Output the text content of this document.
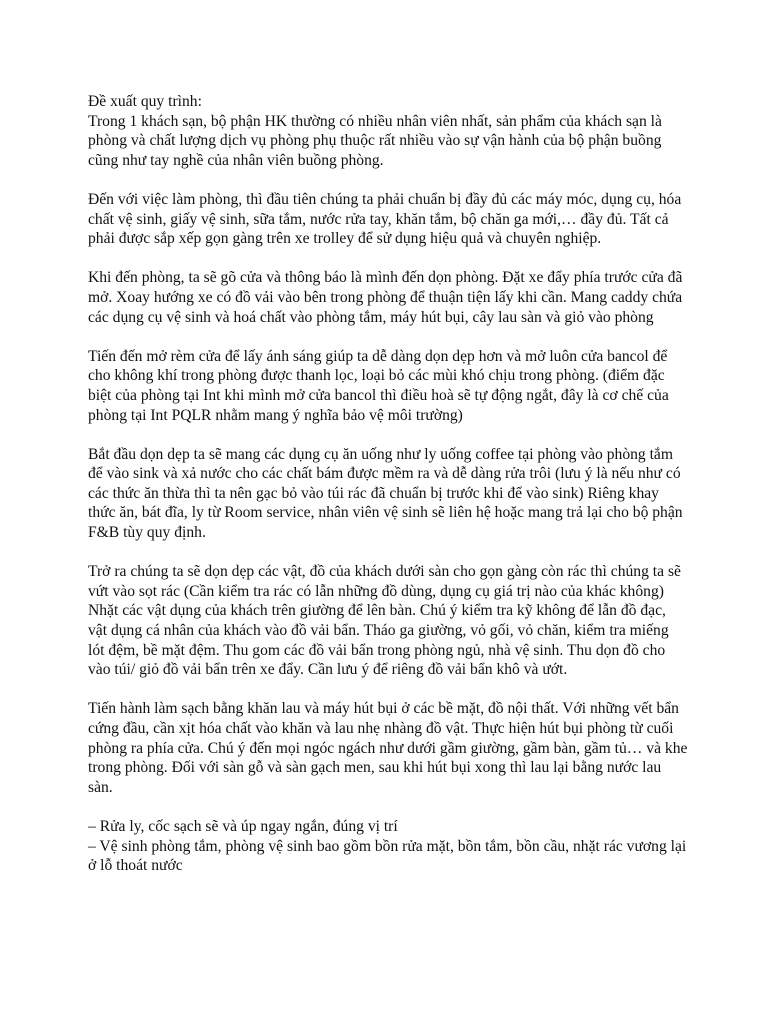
Đề xuất quy trình:

Trong 1 khách sạn, bộ phận HK thường có nhiều nhân viên nhất, sản phẩm của khách sạn là phòng và chất lượng dịch vụ phòng phụ thuộc rất nhiều vào sự vận hành của bộ phận buồng cũng như tay nghề của nhân viên buồng phòng.

Đến với việc làm phòng, thì đầu tiên chúng ta phải chuẩn bị đầy đủ các máy móc, dụng cụ, hóa chất vệ sinh, giấy vệ sinh, sữa tắm, nước rửa tay, khăn tắm, bộ chăn ga mới,… đầy đủ. Tất cả phải được sắp xếp gọn gàng trên xe trolley để sử dụng hiệu quả và chuyên nghiệp.

Khi đến phòng, ta sẽ gõ cửa và thông báo là mình đến dọn phòng. Đặt xe đẩy phía trước cửa đã mở. Xoay hướng xe có đồ vải vào bên trong phòng để thuận tiện lấy khi cần. Mang caddy chứa các dụng cụ vệ sinh và hoá chất vào phòng tắm, máy hút bụi, cây lau sàn và giỏ vào phòng

Tiến đến mở rèm cửa để lấy ánh sáng giúp ta dễ dàng dọn dẹp hơn và mở luôn cửa bancol để cho không khí trong phòng được thanh lọc, loại bỏ các mùi khó chịu trong phòng. (điểm đặc biệt của phòng tại Int khi mình mở cửa bancol thì điều hoà sẽ tự động ngắt, đây là cơ chế của phòng tại Int PQLR nhằm mang ý nghĩa bảo vệ môi trường)

Bắt đầu dọn dẹp ta sẽ mang các dụng cụ ăn uống như ly uống coffee tại phòng vào phòng tắm để vào sink và xả nước cho các chất bám được mềm ra và dễ dàng rửa trôi (lưu ý là nếu như có các thức ăn thừa thì ta nên gạc bỏ vào túi rác đã chuẩn bị trước khi để vào sink) Riêng khay thức ăn, bát đĩa, ly từ Room service, nhân viên vệ sinh sẽ liên hệ hoặc mang trả lại cho bộ phận F&B tùy quy định.

Trở ra chúng ta sẽ dọn dẹp các vật, đồ của khách dưới sàn cho gọn gàng còn rác thì chúng ta sẽ vứt vào sọt rác (Cần kiểm tra rác có lẫn những đồ dùng, dụng cụ giá trị nào của khác không) Nhặt các vật dụng của khách trên giường để lên bàn. Chú ý kiểm tra kỹ không để lẫn đồ đạc, vật dụng cá nhân của khách vào đồ vải bẩn. Tháo ga giường, vỏ gối, vỏ chăn, kiểm tra miếng lót đệm, bề mặt đệm. Thu gom các đồ vải bẩn trong phòng ngủ, nhà vệ sinh. Thu dọn đồ cho vào túi/ giỏ đồ vải bẩn trên xe đẩy. Cần lưu ý để riêng đồ vải bẩn khô và ướt.

Tiến hành làm sạch bằng khăn lau và máy hút bụi ở các bề mặt, đồ nội thất. Với những vết bẩn cứng đầu, cần xịt hóa chất vào khăn và lau nhẹ nhàng đồ vật. Thực hiện hút bụi phòng từ cuối phòng ra phía cửa. Chú ý đến mọi ngóc ngách như dưới gầm giường, gầm bàn, gầm tủ… và khe trong phòng. Đối với sàn gỗ và sàn gạch men, sau khi hút bụi xong thì lau lại bằng nước lau sàn.

– Rửa ly, cốc sạch sẽ và úp ngay ngắn, đúng vị trí

– Vệ sinh phòng tắm, phòng vệ sinh bao gồm bồn rửa mặt, bồn tắm, bồn cầu, nhặt rác vương lại ở lỗ thoát nước
